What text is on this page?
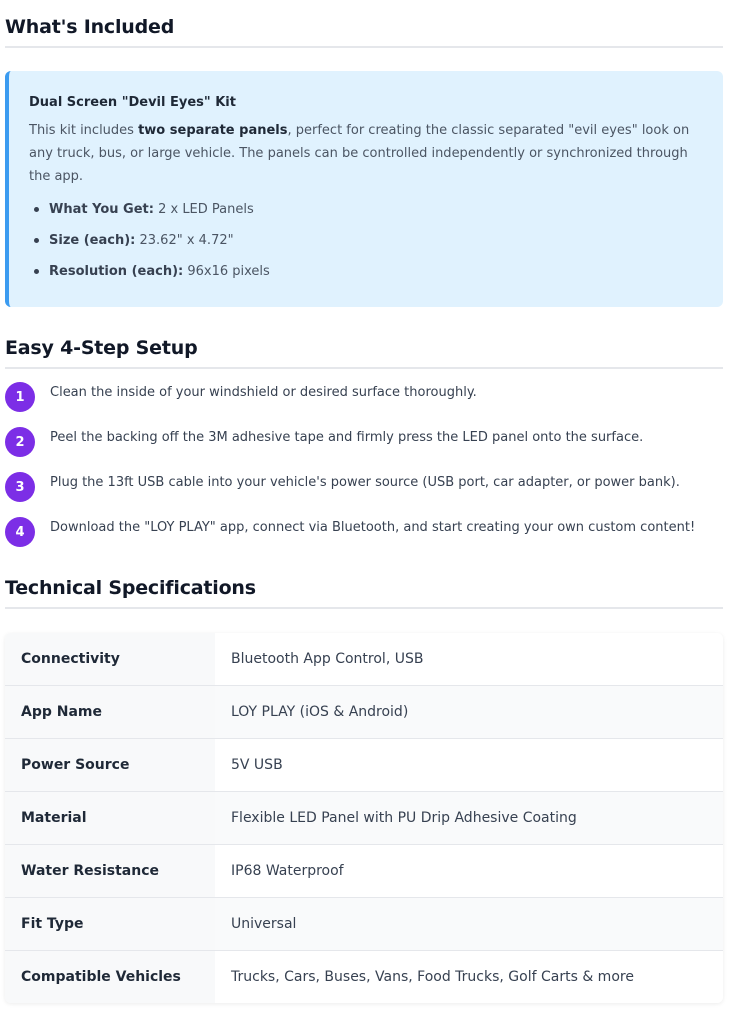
What's Included
Dual Screen "Devil Eyes" Kit

This kit includes two separate panels, perfect for creating the classic separated "evil eyes" look on any truck, bus, or large vehicle. The panels can be controlled independently or synchronized through the app.

What You Get: 2 x LED Panels
Size (each): 23.62" x 4.72"
Resolution (each): 96x16 pixels
Easy 4-Step Setup
1	Clean the inside of your windshield or desired surface thoroughly.
2	Peel the backing off the 3M adhesive tape and firmly press the LED panel onto the surface.
3	Plug the 13ft USB cable into your vehicle's power source (USB port, car adapter, or power bank).
4	Download the "LOY PLAY" app, connect via Bluetooth, and start creating your own custom content!
Technical Specifications
Connectivity	Bluetooth App Control, USB
App Name	LOY PLAY (iOS & Android)
Power Source	5V USB
Material	Flexible LED Panel with PU Drip Adhesive Coating
Water Resistance	IP68 Waterproof
Fit Type	Universal
Compatible Vehicles	Trucks, Cars, Buses, Vans, Food Trucks, Golf Carts & more
